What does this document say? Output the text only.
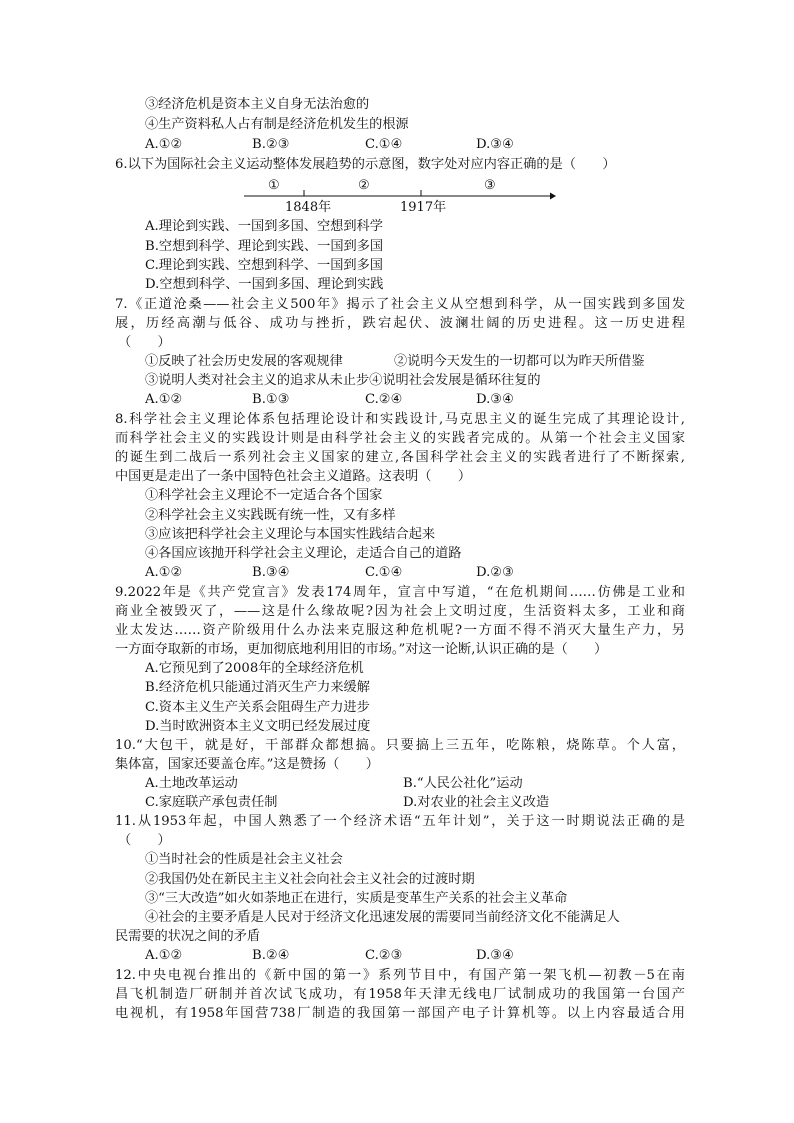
③经济危机是资本主义自身无法治愈的
④生产资料私人占有制是经济危机发生的根源
A.①②	B.②③	C.①④	D.③④
6.以下为国际社会主义运动整体发展趋势的示意图，数字处对应内容正确的是（　　）
①	②	③
1848年	1917年
A.理论到实践、一国到多国、空想到科学
B.空想到科学、理论到实践、一国到多国
C.理论到实践、空想到科学、一国到多国
D.空想到科学、一国到多国、理论到实践
7.《正道沧桑——社会主义500年》揭示了社会主义从空想到科学，从一国实践到多国发
展，历经高潮与低谷、成功与挫折，跌宕起伏、波澜壮阔的历史进程。这一历史进程
（　　）
①反映了社会历史发展的客观规律	②说明今天发生的一切都可以为昨天所借鉴
③说明人类对社会主义的追求从未止步④说明社会发展是循环往复的
A.①②	B.①③	C.②④	D.③④
8.科学社会主义理论体系包括理论设计和实践设计,马克思主义的诞生完成了其理论设计,
而科学社会主义的实践设计则是由科学社会主义的实践者完成的。从第一个社会主义国家
的诞生到二战后一系列社会主义国家的建立,各国科学社会主义的实践者进行了不断探索,
中国更是走出了一条中国特色社会主义道路。这表明（　　）
①科学社会主义理论不一定适合各个国家
②科学社会主义实践既有统一性，又有多样
③应该把科学社会主义理论与本国实性践结合起来
④各国应该抛开科学社会主义理论，走适合自己的道路
A.①②	B.③④	C.①④	D.②③
9.2022年是《共产党宣言》发表174周年，宣言中写道，“在危机期间……仿佛是工业和
商业全被毁灭了，——这是什么缘故呢?因为社会上文明过度，生活资料太多，工业和商
业太发达……资产阶级用什么办法来克服这种危机呢?一方面不得不消灭大量生产力，另
一方面夺取新的市场，更加彻底地利用旧的市场。”对这一论断,认识正确的是（　　）
A.它预见到了2008年的全球经济危机
B.经济危机只能通过消灭生产力来缓解
C.资本主义生产关系会阻碍生产力进步
D.当时欧洲资本主义文明已经发展过度
10.“大包干，就是好，干部群众都想搞。只要搞上三五年，吃陈粮，烧陈草。个人富，
集体富，国家还要盖仓库。”这是赞扬（　　）
A.土地改革运动	B.“人民公社化”运动
C.家庭联产承包责任制	D.对农业的社会主义改造
11.从1953年起，中国人熟悉了一个经济术语“五年计划”，关于这一时期说法正确的是
（　　）
①当时社会的性质是社会主义社会
②我国仍处在新民主主义社会向社会主义社会的过渡时期
③“三大改造”如火如荼地正在进行，实质是变革生产关系的社会主义革命
④社会的主要矛盾是人民对于经济文化迅速发展的需要同当前经济文化不能满足人
民需要的状况之间的矛盾
A.①②	B.②④	C.②③	D.③④
12.中央电视台推出的《新中国的第一》系列节目中，有国产第一架飞机—初教－5在南
昌飞机制造厂研制并首次试飞成功，有1958年天津无线电厂试制成功的我国第一台国产
电视机，有1958年国营738厂制造的我国第一部国产电子计算机等。以上内容最适合用
